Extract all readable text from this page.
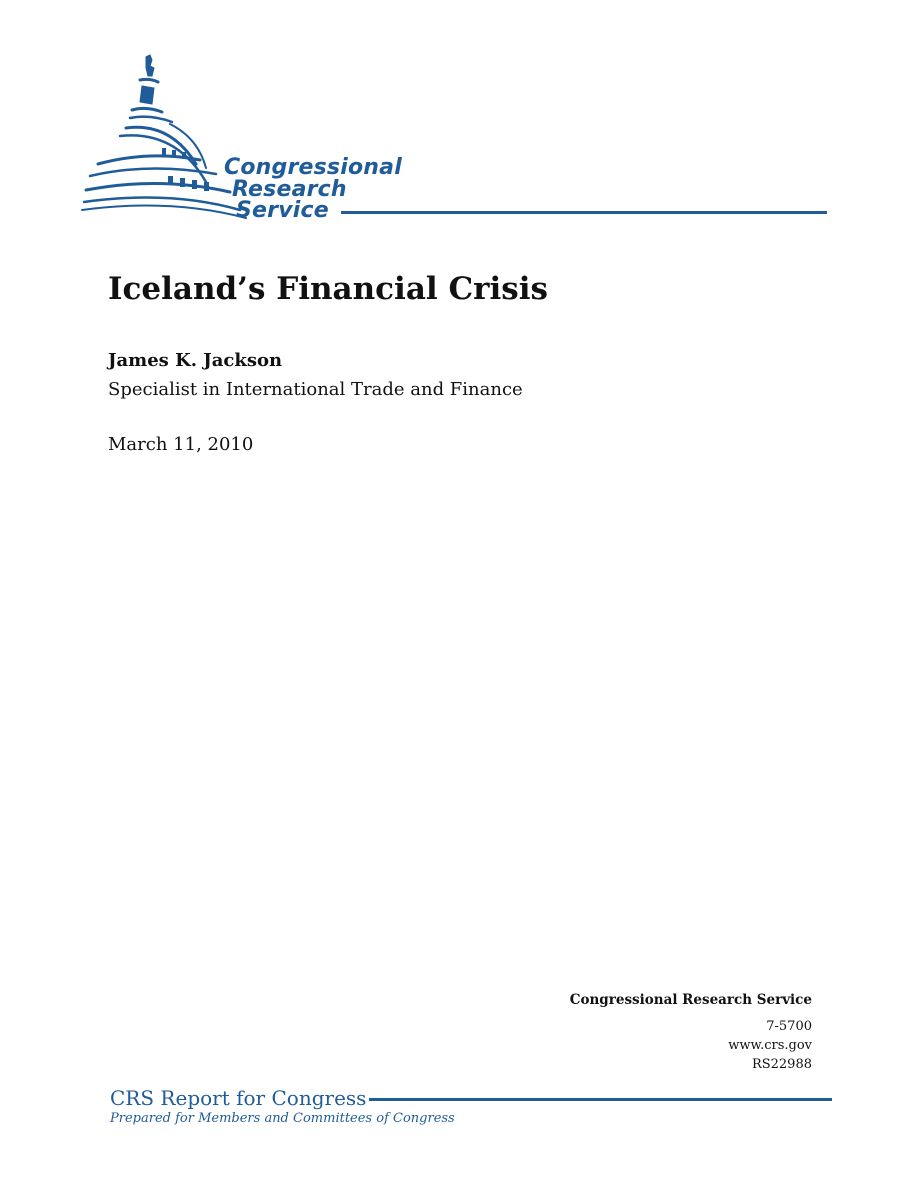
Congressional
Research
Service
Iceland’s Financial Crisis
James K. Jackson
Specialist in International Trade and Finance
March 11, 2010
Congressional Research Service
7-5700
www.crs.gov
RS22988
CRS Report for Congress
Prepared for Members and Committees of Congress
